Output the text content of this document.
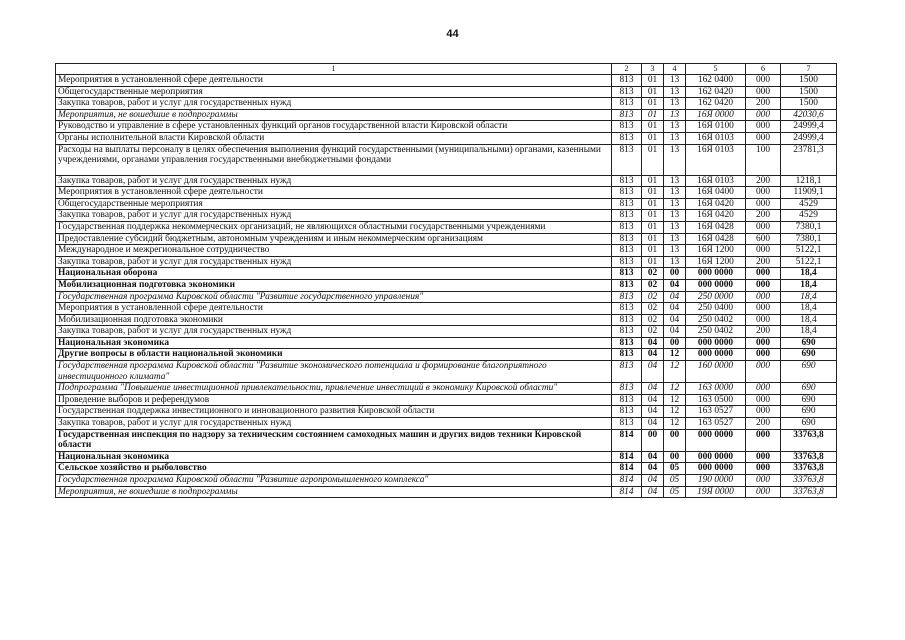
44
1	2	3	4	5	6	7
Мероприятия в установленной сфере деятельности	813	01	13	162 0400	000	1500
Общегосударственные мероприятия	813	01	13	162 0420	000	1500
Закупка товаров, работ и услуг для государственных нужд	813	01	13	162 0420	200	1500
Мероприятия, не вошедшие в подпрограммы	813	01	13	16Я 0000	000	42030,6
Руководство и управление в сфере установленных функций органов государственной власти Кировской области	813	01	13	16Я 0100	000	24999,4
Органы исполнительной власти Кировской области	813	01	13	16Я 0103	000	24999,4
Расходы на выплаты персоналу в целях обеспечения выполнения функций государственными (муниципальными) органами, казенными учреждениями, органами управления государственными внебюджетными фондами	813	01	13	16Я 0103	100	23781,3
Закупка товаров, работ и услуг для государственных нужд	813	01	13	16Я 0103	200	1218,1
Мероприятия в установленной сфере деятельности	813	01	13	16Я 0400	000	11909,1
Общегосударственные мероприятия	813	01	13	16Я 0420	000	4529
Закупка товаров, работ и услуг для государственных нужд	813	01	13	16Я 0420	200	4529
Государственная поддержка некоммерческих организаций, не являющихся областными государственными учреждениями	813	01	13	16Я 0428	000	7380,1
Предоставление субсидий бюджетным, автономным учреждениям и иным некоммерческим организациям	813	01	13	16Я 0428	600	7380,1
Международное и межрегиональное сотрудничество	813	01	13	16Я 1200	000	5122,1
Закупка товаров, работ и услуг для государственных нужд	813	01	13	16Я 1200	200	5122,1
Национальная оборона	813	02	00	000 0000	000	18,4
Мобилизационная подготовка экономики	813	02	04	000 0000	000	18,4
Государственная программа Кировской области "Развитие государственного управления"	813	02	04	250 0000	000	18,4
Мероприятия в установленной сфере деятельности	813	02	04	250 0400	000	18,4
Мобилизационная подготовка экономики	813	02	04	250 0402	000	18,4
Закупка товаров, работ и услуг для государственных нужд	813	02	04	250 0402	200	18,4
Национальная экономика	813	04	00	000 0000	000	690
Другие вопросы в области национальной экономики	813	04	12	000 0000	000	690
Государственная программа Кировской области "Развитие экономического потенциала и формирование благоприятного инвестиционного климата"	813	04	12	160 0000	000	690
Подпрограмма "Повышение инвестиционной привлекательности, привлечение инвестиций в экономику Кировской области"	813	04	12	163 0000	000	690
Проведение выборов и референдумов	813	04	12	163 0500	000	690
Государственная поддержка инвестиционного и инновационного развития Кировской области	813	04	12	163 0527	000	690
Закупка товаров, работ и услуг для государственных нужд	813	04	12	163 0527	200	690
Государственная инспекция по надзору за техническим состоянием самоходных машин и других видов техники Кировской области	814	00	00	000 0000	000	33763,8
Национальная экономика	814	04	00	000 0000	000	33763,8
Сельское хозяйство и рыболовство	814	04	05	000 0000	000	33763,8
Государственная программа Кировской области "Развитие агропромышленного комплекса"	814	04	05	190 0000	000	33763,8
Мероприятия, не вошедшие в подпрограммы	814	04	05	19Я 0000	000	33763,8
